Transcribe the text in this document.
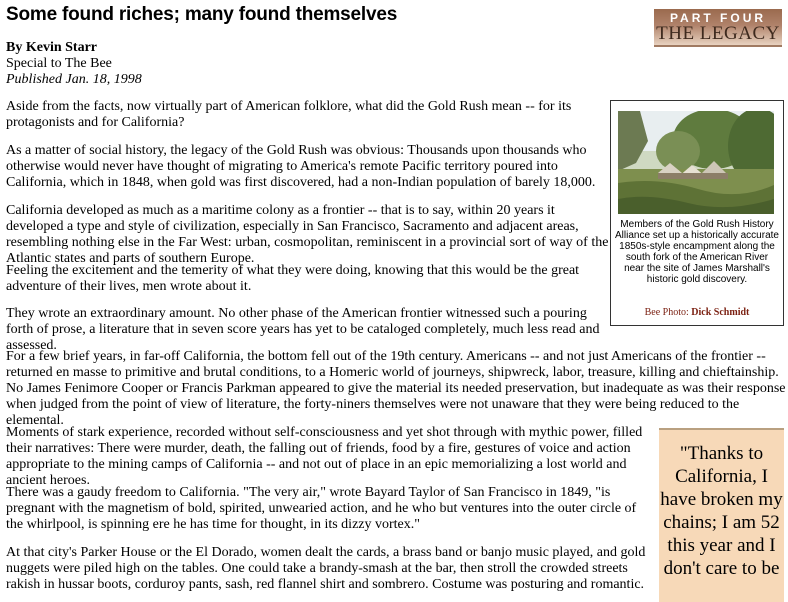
Some found riches; many found themselves	PART FOUR
THE LEGACY
By Kevin Starr
Special to The Bee
Published Jan. 18, 1998

Aside from the facts, now virtually part of American folklore, what did the Gold Rush mean -- for its protagonists and for California?

As a matter of social history, the legacy of the Gold Rush was obvious: Thousands upon thousands who otherwise would never have thought of migrating to America's remote Pacific territory poured into California, which in 1848, when gold was first discovered, had a non-Indian population of barely 18,000.

California developed as much as a maritime colony as a frontier -- that is to say, within 20 years it developed a type and style of civilization, especially in San Francisco, Sacramento and adjacent areas, resembling nothing else in the Far West: urban, cosmopolitan, reminiscent in a provincial sort of way of the Atlantic states and parts of southern Europe.

Feeling the excitement and the temerity of what they were doing, knowing that this would be the great adventure of their lives, men wrote about it.

They wrote an extraordinary amount. No other phase of the American frontier witnessed such a pouring forth of prose, a literature that in seven score years has yet to be cataloged completely, much less read and assessed.

For a few brief years, in far-off California, the bottom fell out of the 19th century. Americans -- and not just Americans of the frontier -- returned en masse to primitive and brutal conditions, to a Homeric world of journeys, shipwreck, labor, treasure, killing and chieftainship. No James Fenimore Cooper or Francis Parkman appeared to give the material its needed preservation, but inadequate as was their response when judged from the point of view of literature, the forty-niners themselves were not unaware that they were being reduced to the elemental.

Moments of stark experience, recorded without self-consciousness and yet shot through with mythic power, filled their narratives: There were murder, death, the falling out of friends, food by a fire, gestures of voice and action appropriate to the mining camps of California -- and not out of place in an epic memorializing a lost world and ancient heroes.

There was a gaudy freedom to California. "The very air," wrote Bayard Taylor of San Francisco in 1849, "is pregnant with the magnetism of bold, spirited, unwearied action, and he who but ventures into the outer circle of the whirlpool, is spinning ere he has time for thought, in its dizzy vortex."

At that city's Parker House or the El Dorado, women dealt the cards, a brass band or banjo music played, and gold nuggets were piled high on the tables. One could take a brandy-smash at the bar, then stroll the crowded streets rakish in hussar boots, corduroy pants, sash, red flannel shirt and sombrero. Costume was posturing and romantic.

Members of the Gold Rush History Alliance set up a historically accurate 1850s-style encampment along the south fork of the American River near the site of James Marshall's historic gold discovery.
Bee Photo: Dick Schmidt
"Thanks to California, I have broken my chains; I am 52 this year and I don't care to be
